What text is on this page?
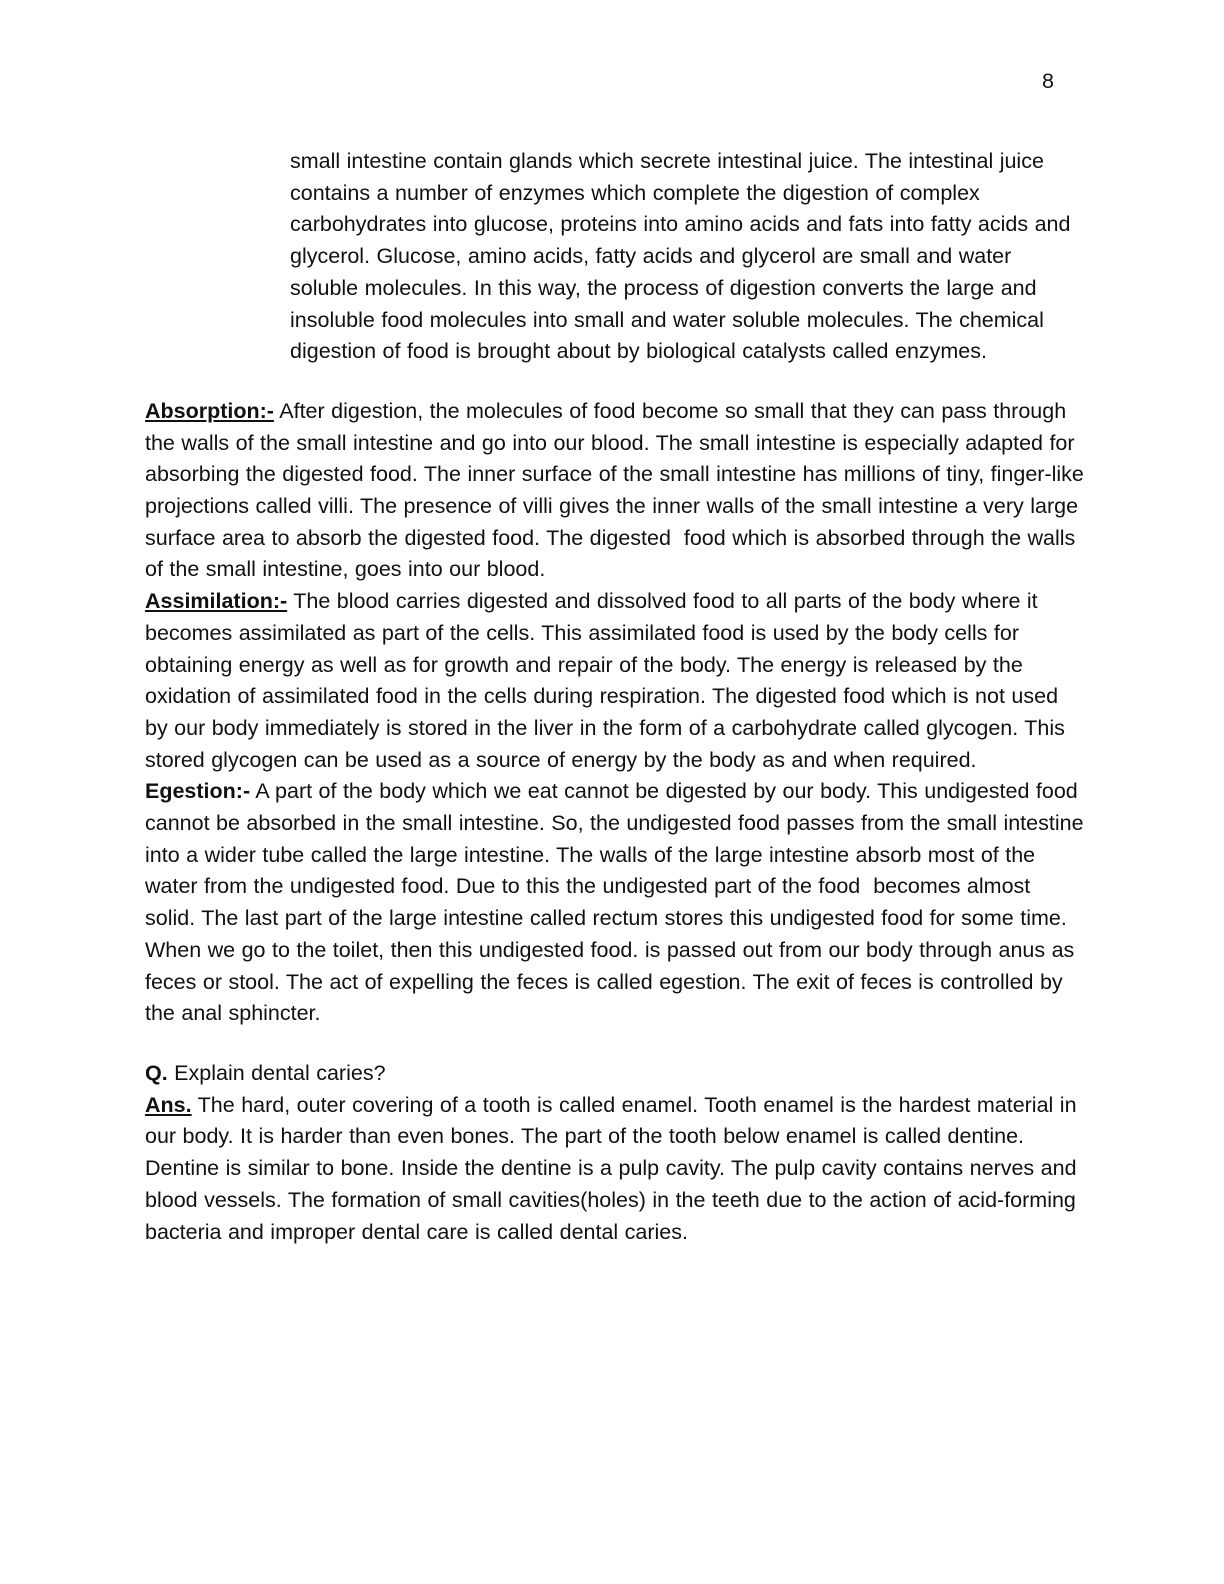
8

small intestine contain glands which secrete intestinal juice. The intestinal juice contains a number of enzymes which complete the digestion of complex carbohydrates into glucose, proteins into amino acids and fats into fatty acids and glycerol. Glucose, amino acids, fatty acids and glycerol are small and water soluble molecules. In this way, the process of digestion converts the large and insoluble food molecules into small and water soluble molecules. The chemical digestion of food is brought about by biological catalysts called enzymes.

Absorption:- After digestion, the molecules of food become so small that they can pass through the walls of the small intestine and go into our blood. The small intestine is especially adapted for absorbing the digested food. The inner surface of the small intestine has millions of tiny, finger-like projections called villi. The presence of villi gives the inner walls of the small intestine a very large surface area to absorb the digested food. The digested  food which is absorbed through the walls of the small intestine, goes into our blood.

Assimilation:- The blood carries digested and dissolved food to all parts of the body where it becomes assimilated as part of the cells. This assimilated food is used by the body cells for obtaining energy as well as for growth and repair of the body. The energy is released by the oxidation of assimilated food in the cells during respiration. The digested food which is not used by our body immediately is stored in the liver in the form of a carbohydrate called glycogen. This stored glycogen can be used as a source of energy by the body as and when required.

Egestion:- A part of the body which we eat cannot be digested by our body. This undigested food cannot be absorbed in the small intestine. So, the undigested food passes from the small intestine into a wider tube called the large intestine. The walls of the large intestine absorb most of the water from the undigested food. Due to this the undigested part of the food  becomes almost solid. The last part of the large intestine called rectum stores this undigested food for some time. When we go to the toilet, then this undigested food. is passed out from our body through anus as feces or stool. The act of expelling the feces is called egestion. The exit of feces is controlled by the anal sphincter.

Q. Explain dental caries?

Ans. The hard, outer covering of a tooth is called enamel. Tooth enamel is the hardest material in our body. It is harder than even bones. The part of the tooth below enamel is called dentine. Dentine is similar to bone. Inside the dentine is a pulp cavity. The pulp cavity contains nerves and blood vessels. The formation of small cavities(holes) in the teeth due to the action of acid-forming bacteria and improper dental care is called dental caries.
